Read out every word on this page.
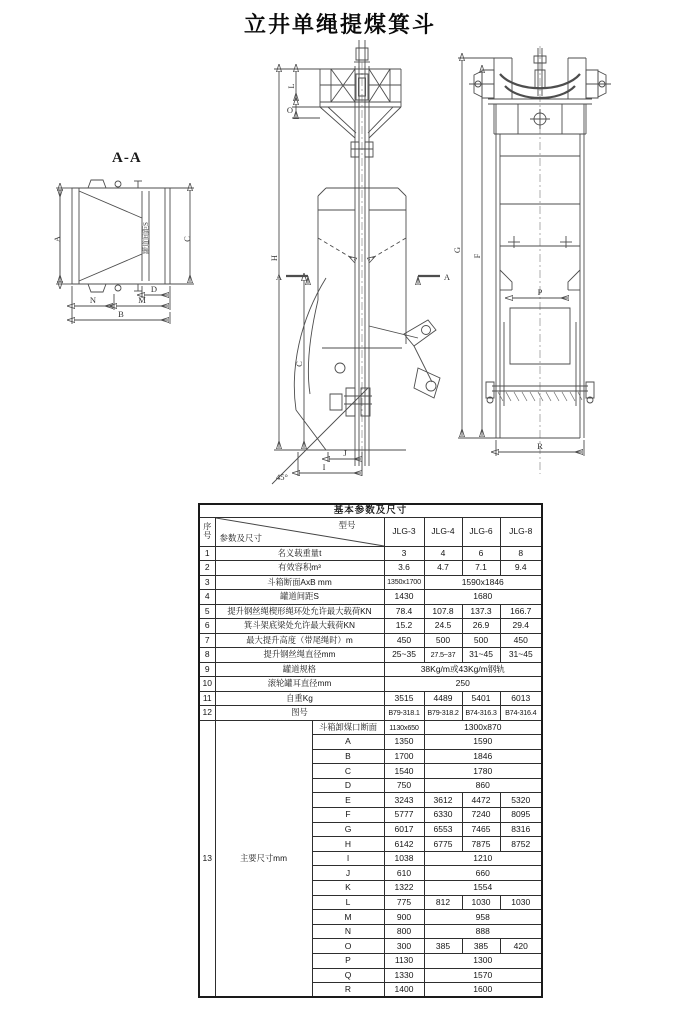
立井单绳提煤箕斗
A-A
罐道间距S
A	C
D
N	M
B
H
L
O
C
A	A
J
I
45°
G
F
P
R
基本参数及尺寸						
序号	型号
参数及尺寸		JLG-3	JLG-4	JLG-6	JLG-8
1	名义载重量t		3	4	6	8
2	有效容积m³		3.6	4.7	7.1	9.4
3	斗箱断面AxB mm		1350x1700	1590x1846		
4	罐道间距S		1430	1680		
5	提升钢丝绳楔形绳环处允许最大载荷KN		78.4	107.8	137.3	166.7
6	箕斗架底梁处允许最大载荷KN		15.2	24.5	26.9	29.4
7	最大提升高度（带尾绳时）m		450	500	500	450
8	提升钢丝绳直径mm		25~35	27.5~37	31~45	31~45
9	罐道规格		38Kg/m或43Kg/m钢轨			
10	滚轮罐耳直径mm		250			
11	自重Kg		3515	4489	5401	6013
12	图号		B79-318.1	B79-318.2	B74-316.3	B74-316.4
13	主要尺寸mm	斗箱卸煤口断面	1130x650	1300x870		
		A	1350	1590		
		B	1700	1846		
		C	1540	1780		
		D	750	860		
		E	3243	3612	4472	5320
		F	5777	6330	7240	8095
		G	6017	6553	7465	8316
		H	6142	6775	7875	8752
		I	1038	1210		
		J	610	660		
		K	1322	1554		
		L	775	812	1030	1030
		M	900	958		
		N	800	888		
		O	300	385	385	420
		P	1130	1300		
		Q	1330	1570		
		R	1400	1600		
